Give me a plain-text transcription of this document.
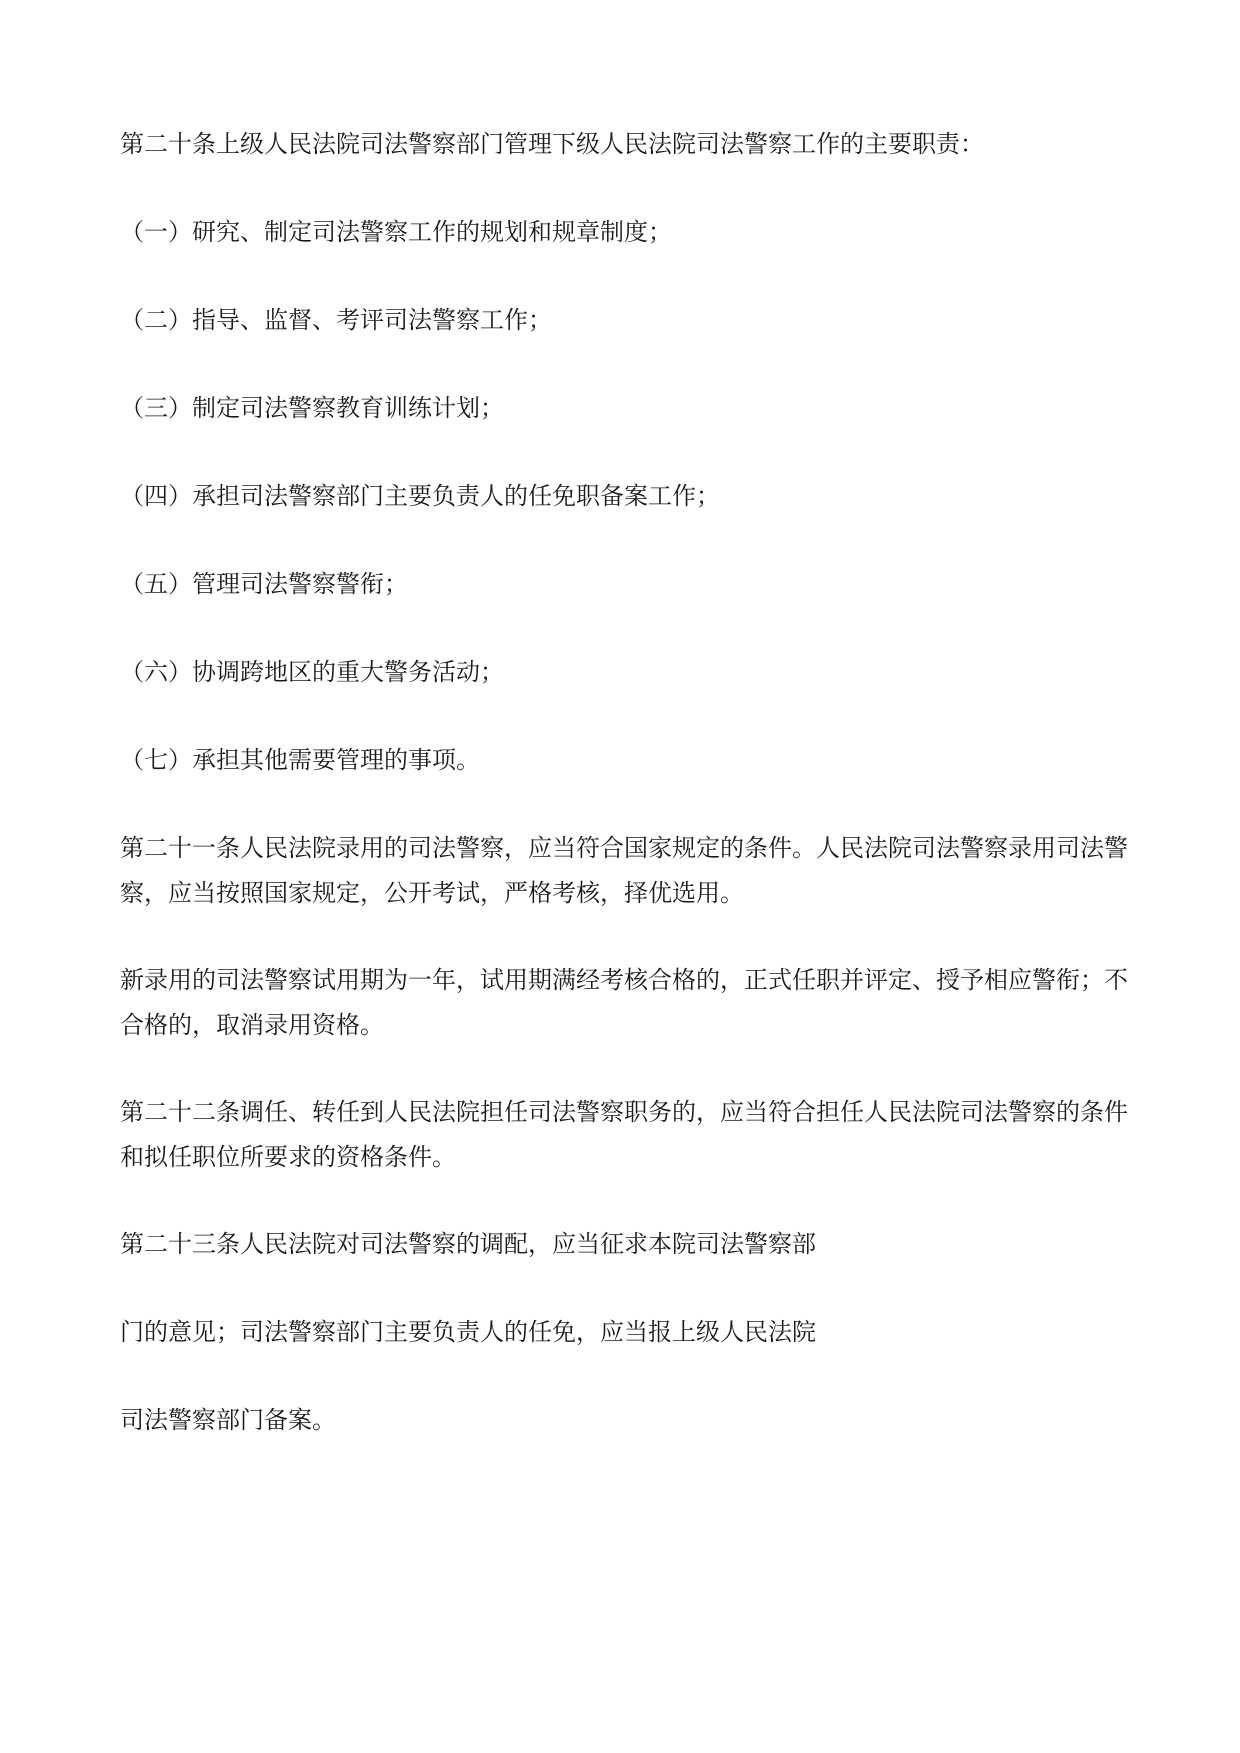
第二十条上级人民法院司法警察部门管理下级人民法院司法警察工作的主要职责：

（一）研究、制定司法警察工作的规划和规章制度；

（二）指导、监督、考评司法警察工作；

（三）制定司法警察教育训练计划；

（四）承担司法警察部门主要负责人的任免职备案工作；

（五）管理司法警察警衔；

（六）协调跨地区的重大警务活动；

（七）承担其他需要管理的事项。

第二十一条人民法院录用的司法警察，应当符合国家规定的条件。人民法院司法警察录用司法警察，应当按照国家规定，公开考试，严格考核，择优选用。

新录用的司法警察试用期为一年，试用期满经考核合格的，正式任职并评定、授予相应警衔；不合格的，取消录用资格。

第二十二条调任、转任到人民法院担任司法警察职务的，应当符合担任人民法院司法警察的条件和拟任职位所要求的资格条件。

第二十三条人民法院对司法警察的调配，应当征求本院司法警察部

门的意见；司法警察部门主要负责人的任免，应当报上级人民法院

司法警察部门备案。
